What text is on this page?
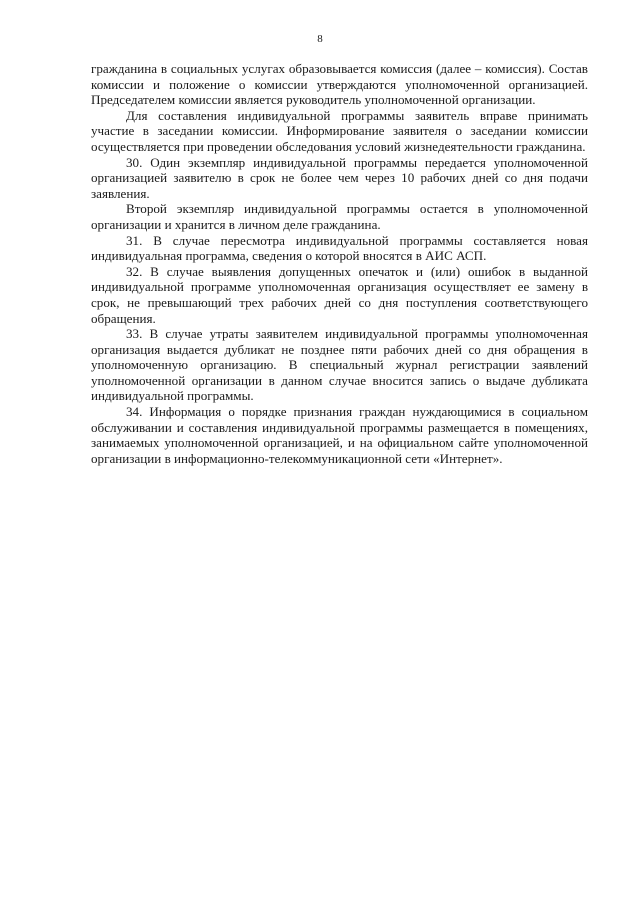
8

гражданина в социальных услугах образовывается комиссия (далее – комиссия). Состав комиссии и положение о комиссии утверждаются уполномоченной организацией. Председателем комиссии является руководитель уполномоченной организации.

Для составления индивидуальной программы заявитель вправе принимать участие в заседании комиссии. Информирование заявителя о заседании комиссии осуществляется при проведении обследования условий жизнедеятельности гражданина.

30. Один экземпляр индивидуальной программы передается уполномоченной организацией заявителю в срок не более чем через 10 рабочих дней со дня подачи заявления.

Второй экземпляр индивидуальной программы остается в уполномоченной организации и хранится в личном деле гражданина.

31. В случае пересмотра индивидуальной программы составляется новая индивидуальная программа, сведения о которой вносятся в АИС АСП.

32. В случае выявления допущенных опечаток и (или) ошибок в выданной индивидуальной программе уполномоченная организация осуществляет ее замену в срок, не превышающий трех рабочих дней со дня поступления соответствующего обращения.

33. В случае утраты заявителем индивидуальной программы уполномоченная организация выдается дубликат не позднее пяти рабочих дней со дня обращения в уполномоченную организацию. В специальный журнал регистрации заявлений уполномоченной организации в данном случае вносится запись о выдаче дубликата индивидуальной программы.

34. Информация о порядке признания граждан нуждающимися в социальном обслуживании и составления индивидуальной программы размещается в помещениях, занимаемых уполномоченной организацией, и на официальном сайте уполномоченной организации в информационно-телекоммуникационной сети «Интернет».
